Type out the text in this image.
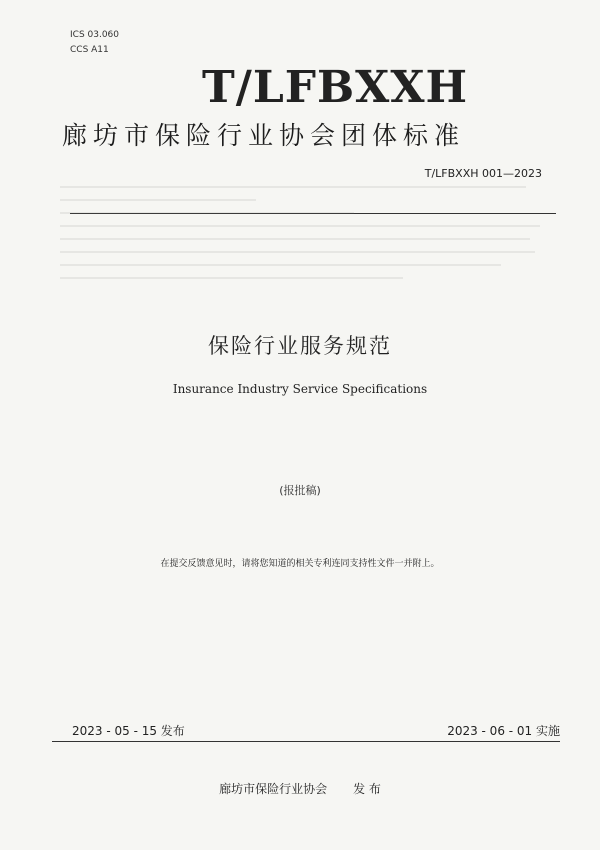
ICS 03.060
CCS A11
T/LFBXXH
廊坊市保险行业协会团体标准
T/LFBXXH 001—2023
保险行业服务规范
Insurance Industry Service Specifications
(报批稿)
在提交反馈意见时，请将您知道的相关专利连同支持性文件一并附上。
2023 - 05 - 15 发布	2023 - 06 - 01 实施
廊坊市保险行业协会 发 布
